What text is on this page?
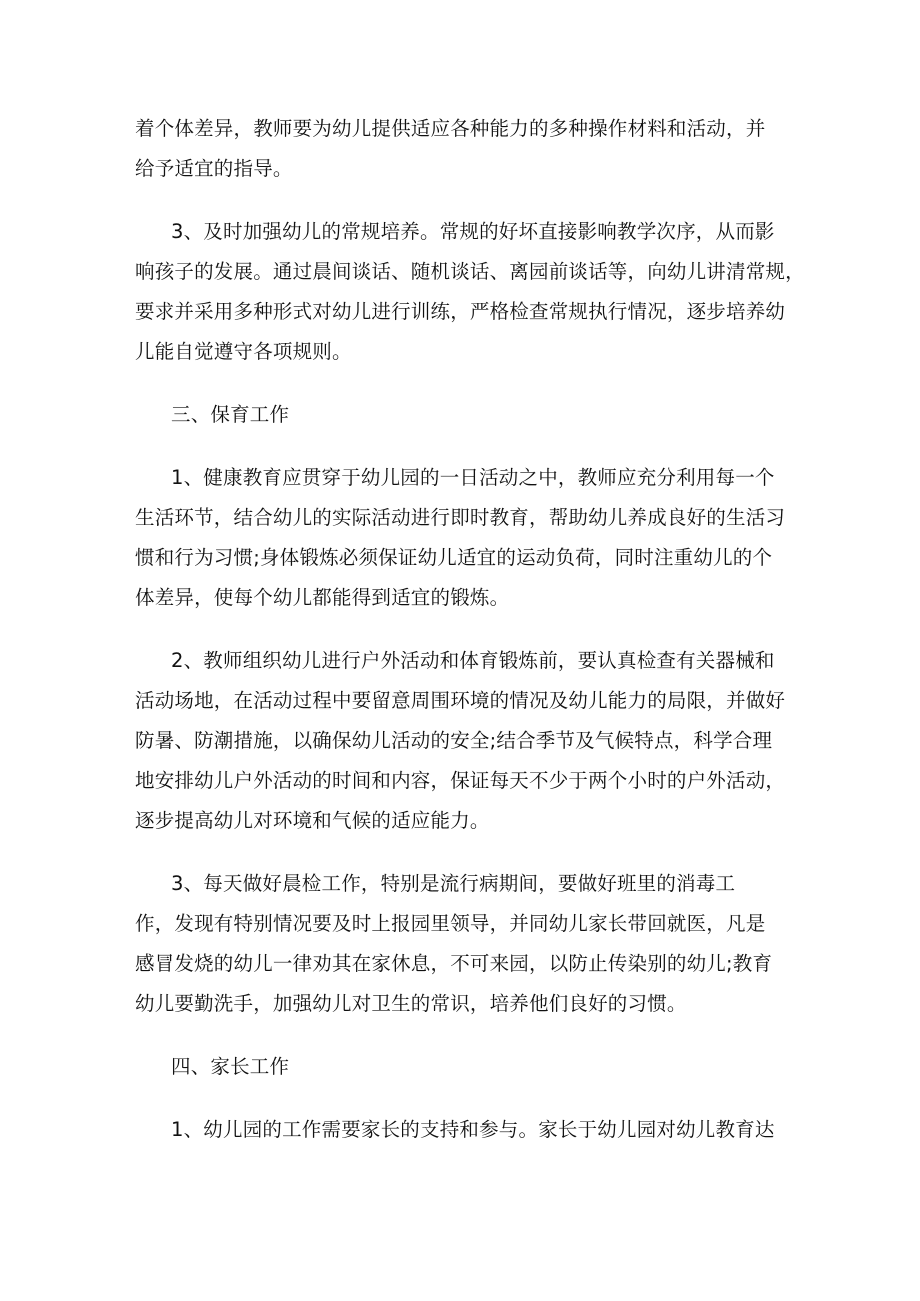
着个体差异，教师要为幼儿提供适应各种能力的多种操作材料和活动，并
给予适宜的指导。
3、及时加强幼儿的常规培养。常规的好坏直接影响教学次序，从而影
响孩子的发展。通过晨间谈话、随机谈话、离园前谈话等，向幼儿讲清常规，
要求并采用多种形式对幼儿进行训练，严格检查常规执行情况，逐步培养幼
儿能自觉遵守各项规则。
三、保育工作
1、健康教育应贯穿于幼儿园的一日活动之中，教师应充分利用每一个
生活环节，结合幼儿的实际活动进行即时教育，帮助幼儿养成良好的生活习
惯和行为习惯;身体锻炼必须保证幼儿适宜的运动负荷，同时注重幼儿的个
体差异，使每个幼儿都能得到适宜的锻炼。
2、教师组织幼儿进行户外活动和体育锻炼前，要认真检查有关器械和
活动场地，在活动过程中要留意周围环境的情况及幼儿能力的局限，并做好
防暑、防潮措施，以确保幼儿活动的安全;结合季节及气候特点，科学合理
地安排幼儿户外活动的时间和内容，保证每天不少于两个小时的户外活动，
逐步提高幼儿对环境和气候的适应能力。
3、每天做好晨检工作，特别是流行病期间，要做好班里的消毒工
作，发现有特别情况要及时上报园里领导，并同幼儿家长带回就医，凡是
感冒发烧的幼儿一律劝其在家休息，不可来园，以防止传染别的幼儿;教育
幼儿要勤洗手，加强幼儿对卫生的常识，培养他们良好的习惯。
四、家长工作
1、幼儿园的工作需要家长的支持和参与。家长于幼儿园对幼儿教育达
